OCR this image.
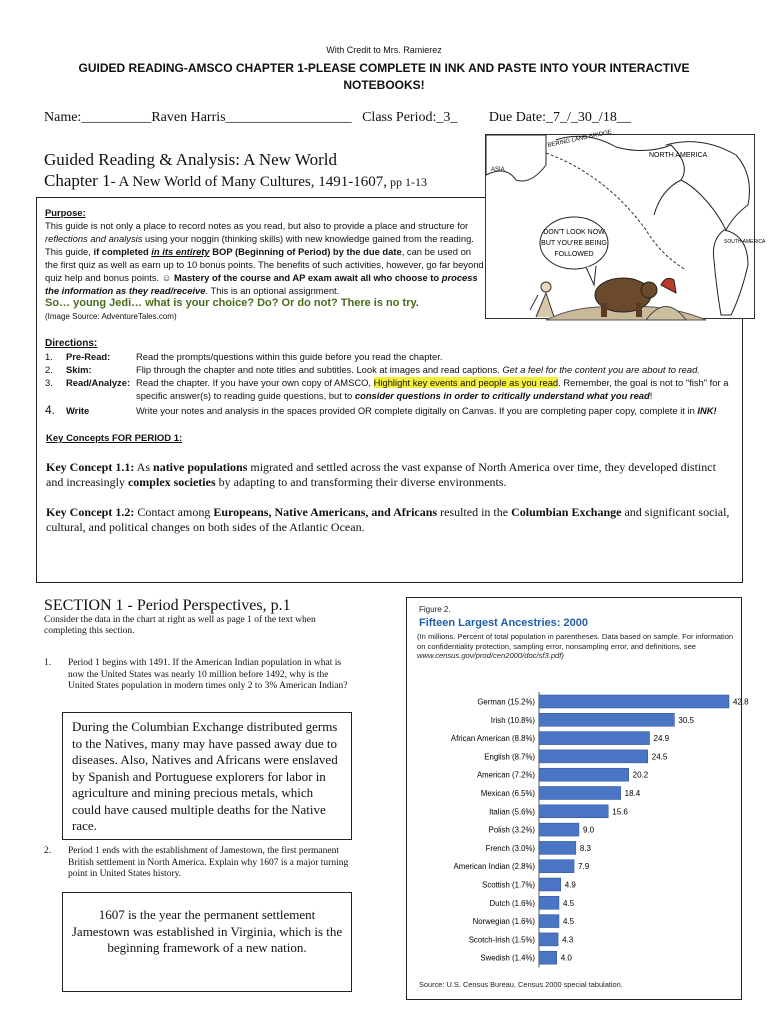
With Credit to Mrs. Ramierez
GUIDED READING-AMSCO CHAPTER 1-PLEASE COMPLETE IN INK AND PASTE INTO YOUR INTERACTIVE NOTEBOOKS!
Name:__________Raven Harris__________________ Class Period:_3_ Due Date:_7_/_30_/18__
Guided Reading & Analysis: A New World
Chapter 1- A New World of Many Cultures, 1491-1607, pp 1-13
BERING LAND BRIDGE
NORTH AMERICA
ASIA
SOUTH AMERICA
DON'T LOOK NOW
BUT YOU'RE BEING
FOLLOWED
Purpose:
This guide is not only a place to record notes as you read, but also to provide a place and structure for reflections and analysis using your noggin (thinking skills) with new knowledge gained from the reading. This guide, if completed in its entirety BOP (Beginning of Period) by the due date, can be used on the first quiz as well as earn up to 10 bonus points. The benefits of such activities, however, go far beyond quiz help and bonus points. ☺ Mastery of the course and AP exam await all who choose to process the information as they read/receive. This is an optional assignment.
So… young Jedi… what is your choice? Do? Or do not? There is no try.
(Image Source: AdventureTales.com)
Directions:
1.	Pre-Read:	Read the prompts/questions within this guide before you read the chapter.
2.	Skim:	Flip through the chapter and note titles and subtitles. Look at images and read captions. Get a feel for the content you are about to read.
3.	Read/Analyze: Read the chapter. If you have your own copy of AMSCO, Highlight key events and people as you read. Remember, the goal is not to "fish" for a specific answer(s) to reading guide questions, but to consider questions in order to critically understand what you read!
4.	Write	Write your notes and analysis in the spaces provided OR complete digitally on Canvas. If you are completing paper copy, complete it in INK!
Key Concepts FOR PERIOD 1:
Key Concept 1.1: As native populations migrated and settled across the vast expanse of North America over time, they developed distinct and increasingly complex societies by adapting to and transforming their diverse environments.
Key Concept 1.2: Contact among Europeans, Native Americans, and Africans resulted in the Columbian Exchange and significant social, cultural, and political changes on both sides of the Atlantic Ocean.
SECTION 1 - Period Perspectives, p.1
Consider the data in the chart at right as well as page 1 of the text when completing this section.
1.	Period 1 begins with 1491. If the American Indian population in what is now the United States was nearly 10 million before 1492, why is the United States population in modern times only 2 to 3% American Indian?
During the Columbian Exchange distributed germs to the Natives, many may have passed away due to diseases. Also, Natives and Africans were enslaved by Spanish and Portuguese explorers for labor in agriculture and mining precious metals, which could have caused multiple deaths for the Native race.
2.	Period 1 ends with the establishment of Jamestown, the first permanent British settlement in North America. Explain why 1607 is a major turning point in United States history.
1607 is the year the permanent settlement Jamestown was established in Virginia, which is the beginning framework of a new nation.
Figure 2.
Fifteen Largest Ancestries: 2000
(In millions. Percent of total population in parentheses. Data based on sample. For information on confidentiality protection, sampling error, nonsampling error, and definitions, see
www.census.gov/prod/cen2000/doc/sf3.pdf)
German (15.2%)	42.8
Irish (10.8%)	30.5
African American (8.8%)	24.9
English (8.7%)	24.5
American (7.2%)	20.2
Mexican (6.5%)	18.4
Italian (5.6%)	15.6
Polish (3.2%)	9.0
French (3.0%)	8.3
American Indian (2.8%)	7.9
Scottish (1.7%)	4.9
Dutch (1.6%)	4.5
Norwegian (1.6%)	4.5
Scotch-Irish (1.5%)	4.3
Swedish (1.4%)	4.0
Source: U.S. Census Bureau, Census 2000 special tabulation.
